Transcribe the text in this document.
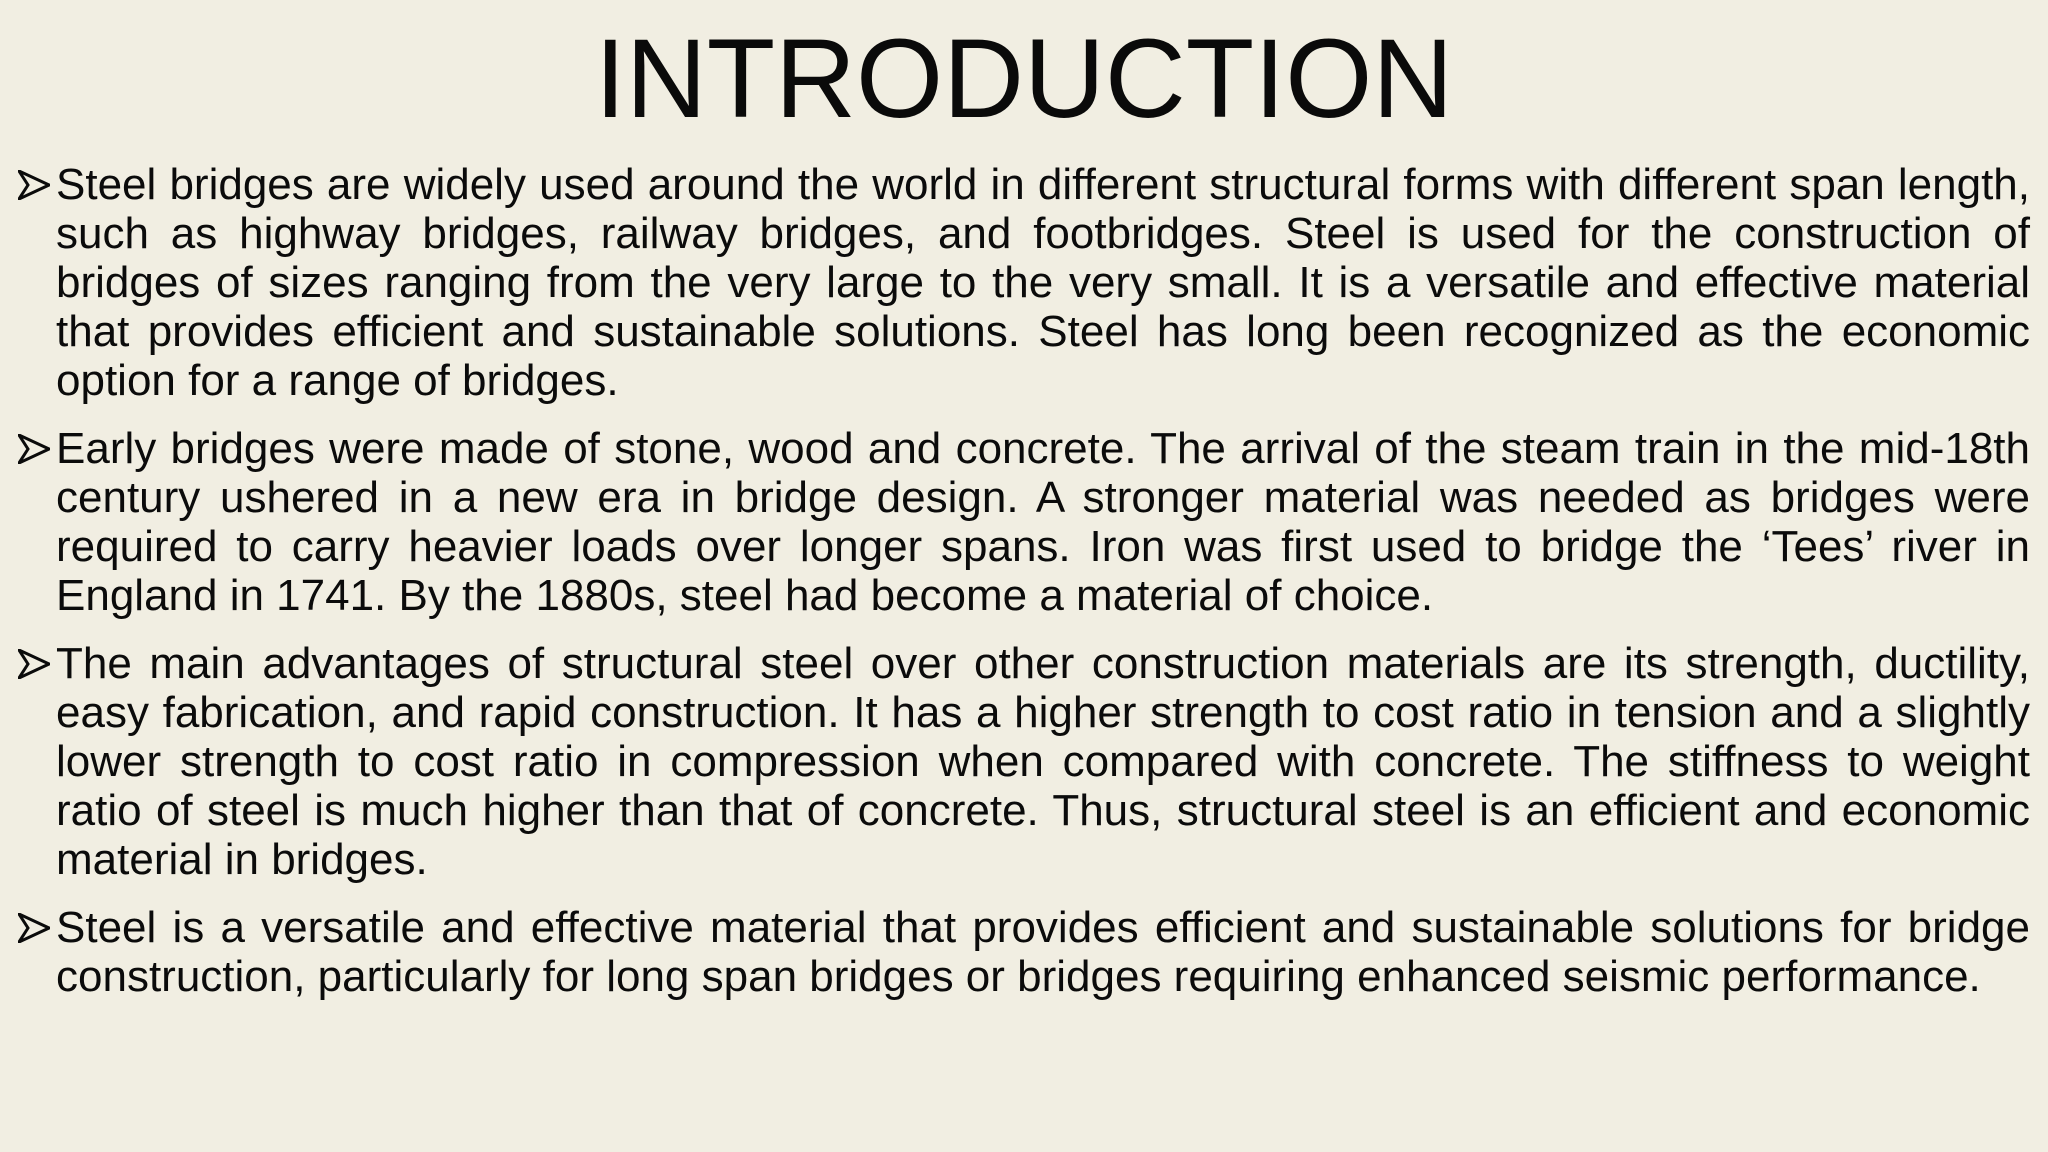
INTRODUCTION
Steel bridges are widely used around the world in different structural forms with different span length, such as highway bridges, railway bridges, and footbridges. Steel is used for the construction of bridges of sizes ranging from the very large to the very small. It is a versatile and effective material that provides efficient and sustainable solutions. Steel has long been recognized as the economic option for a range of bridges.
Early bridges were made of stone, wood and concrete. The arrival of the steam train in the mid-18th century ushered in a new era in bridge design. A stronger material was needed as bridges were required to carry heavier loads over longer spans. Iron was first used to bridge the ‘Tees’ river in England in 1741. By the 1880s, steel had become a material of choice.
The main advantages of structural steel over other construction materials are its strength, ductility, easy fabrication, and rapid construction. It has a higher strength to cost ratio in tension and a slightly lower strength to cost ratio in compression when compared with concrete. The stiffness to weight ratio of steel is much higher than that of concrete. Thus, structural steel is an efficient and economic material in bridges.
Steel is a versatile and effective material that provides efficient and sustainable solutions for bridge construction, particularly for long span bridges or bridges requiring enhanced seismic performance.
